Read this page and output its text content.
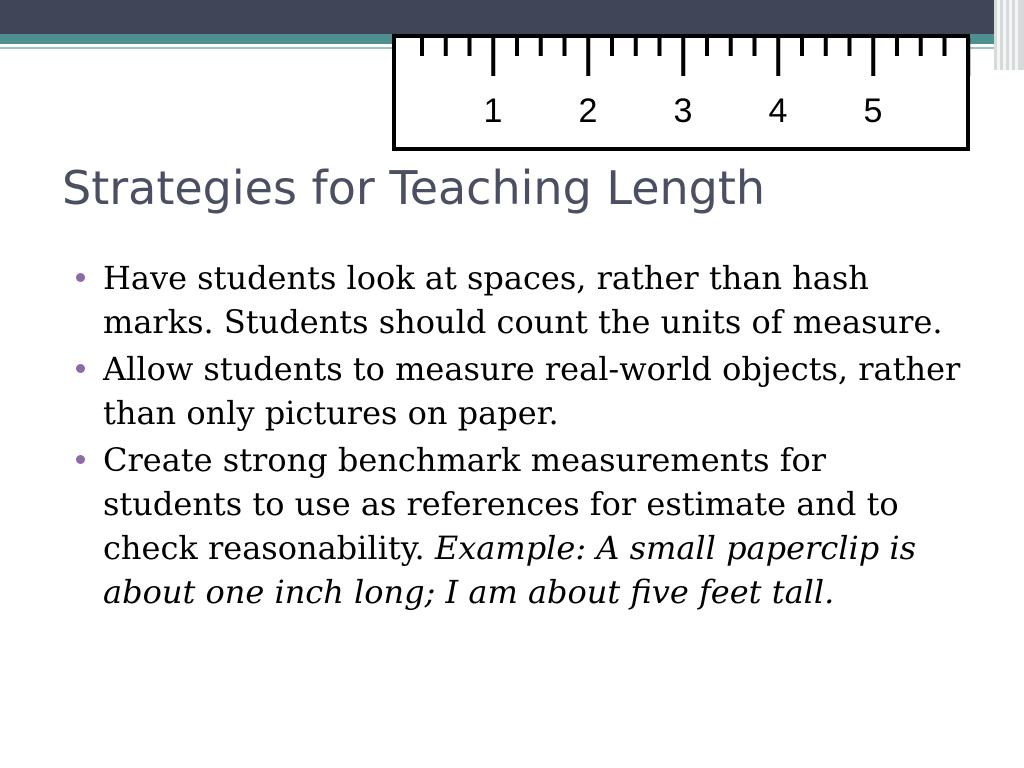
1 2 3 4 5
Strategies for Teaching Length
Have students look at spaces, rather than hash marks. Students should count the units of measure.
Allow students to measure real-world objects, rather than only pictures on paper.
Create strong benchmark measurements for students to use as references for estimate and to check reasonability. Example: A small paperclip is about one inch long; I am about five feet tall.
